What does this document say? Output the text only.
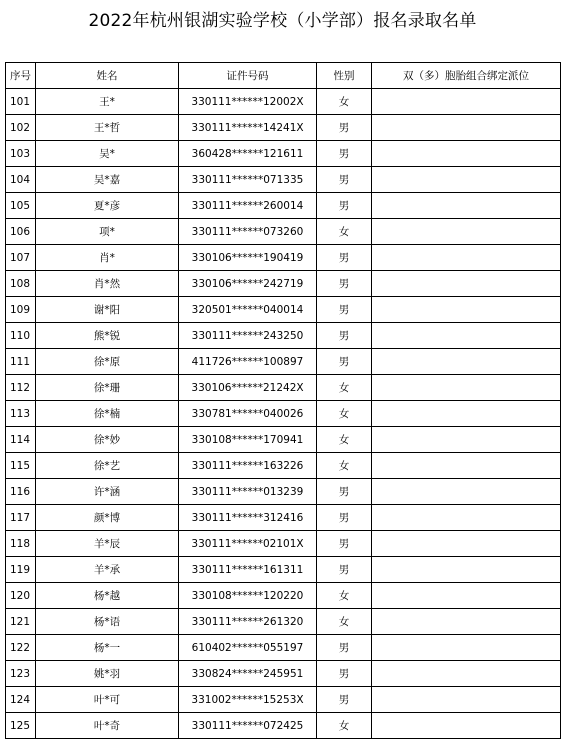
2022年杭州银湖实验学校（小学部）报名录取名单
序号	姓名	证件号码	性别	双（多）胞胎组合绑定派位
101	王*	330111******12002X	女	
102	王*哲	330111******14241X	男	
103	吴*	360428******121611	男	
104	吴*嘉	330111******071335	男	
105	夏*彦	330111******260014	男	
106	项*	330111******073260	女	
107	肖*	330106******190419	男	
108	肖*然	330106******242719	男	
109	谢*阳	320501******040014	男	
110	熊*锐	330111******243250	男	
111	徐*原	411726******100897	男	
112	徐*珊	330106******21242X	女	
113	徐*楠	330781******040026	女	
114	徐*妙	330108******170941	女	
115	徐*艺	330111******163226	女	
116	许*涵	330111******013239	男	
117	颜*博	330111******312416	男	
118	羊*辰	330111******02101X	男	
119	羊*承	330111******161311	男	
120	杨*越	330108******120220	女	
121	杨*语	330111******261320	女	
122	杨*一	610402******055197	男	
123	姚*羽	330824******245951	男	
124	叶*可	331002******15253X	男	
125	叶*奇	330111******072425	女	
